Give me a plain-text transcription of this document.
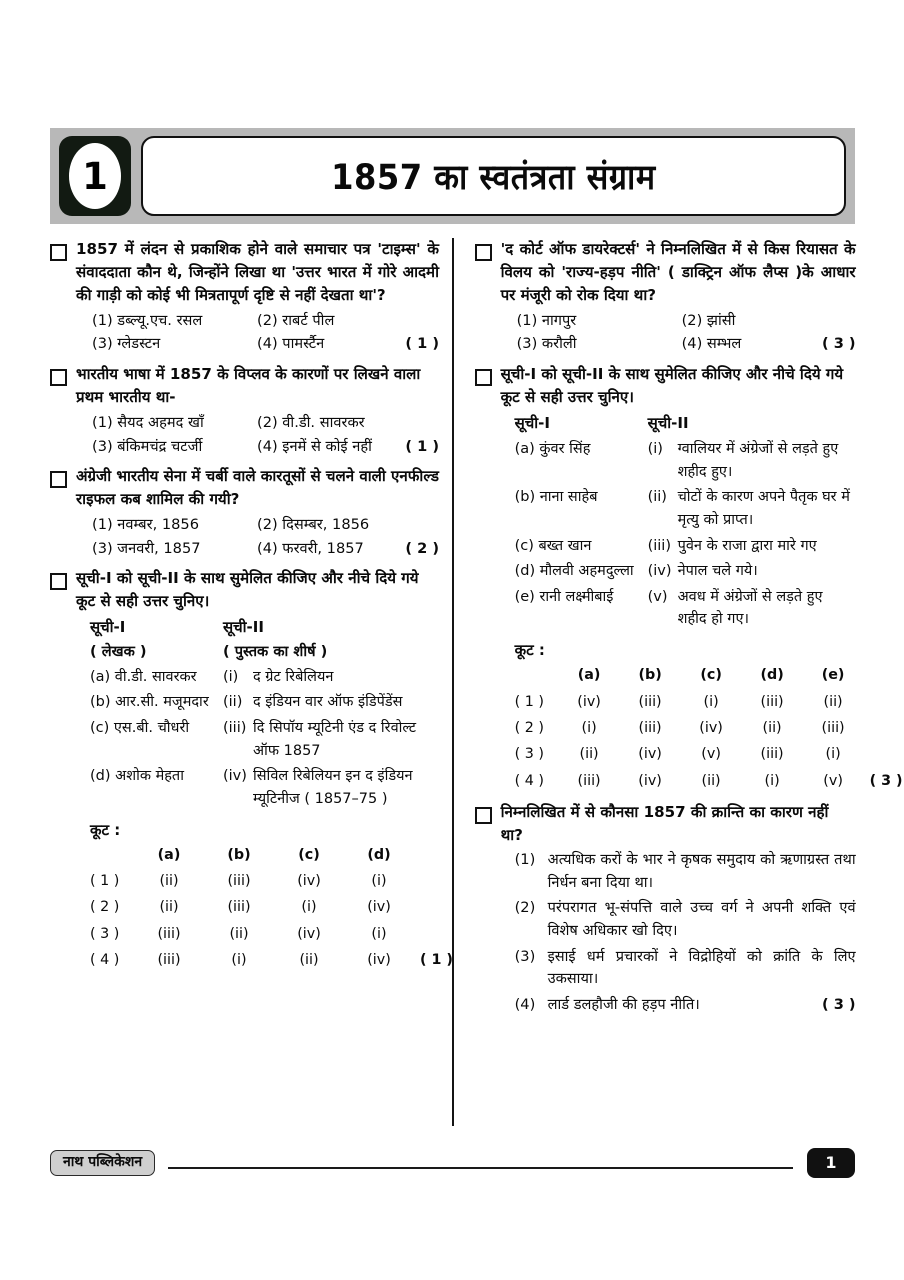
1	1857 का स्वतंत्रता संग्राम
1857 में लंदन से प्रकाशिक होने वाले समाचार पत्र 'टाइम्स' के संवाददाता कौन थे, जिन्होंने लिखा था 'उत्तर भारत में गोरे आदमी की गाड़ी को कोई भी मित्रतापूर्ण दृष्टि से नहीं देखता था'?
(1) डब्ल्यू.एच. रसल	(2) राबर्ट पील
(3) ग्लेडस्टन	(4) पामर्स्टैन	( 1 )
भारतीय भाषा में 1857 के विप्लव के कारणों पर लिखने वाला प्रथम भारतीय था-
(1) सैयद अहमद खाँ	(2) वी.डी. सावरकर
(3) बंकिमचंद्र चटर्जी	(4) इनमें से कोई नहीं	( 1 )
अंग्रेजी भारतीय सेना में चर्बी वाले कारतूसों से चलने वाली एनफील्ड राइफल कब शामिल की गयी?
(1) नवम्बर, 1856	(2) दिसम्बर, 1856
(3) जनवरी, 1857	(4) फरवरी, 1857	( 2 )
सूची-I को सूची-II के साथ सुमेलित कीजिए और नीचे दिये गये कूट से सही उत्तर चुनिए।
सूची-I	सूची-II
( लेखक )	( पुस्तक का शीर्ष )
(a) वी.डी. सावरकर	(i)	द ग्रेट रिबेलियन
(b) आर.सी. मजूमदार (ii) द इंडियन वार ऑफ इंडिपेंडेंस
(c) एस.बी. चौधरी	(iii) दि सिपॉय म्यूटिनी एंड द रिवोल्ट ऑफ 1857
(d) अशोक मेहता	(iv) सिविल रिबेलियन इन द इंडियन म्यूटिनीज ( 1857–75 )
कूट :
(a)	(b)	(c)	(d)
( 1 )	(ii)	(iii)	(iv)	(i)
( 2 )	(ii)	(iii)	(i)	(iv)
( 3 )	(iii)	(ii)	(iv)	(i)
( 4 )	(iii)	(i)	(ii)	(iv)	( 1 )
'द कोर्ट ऑफ डायरेक्टर्स' ने निम्नलिखित में से किस रियासत के विलय को 'राज्य-हड़प नीति' ( डाक्ट्रिन ऑफ लैप्स )के आधार पर मंजूरी को रोक दिया था?
(1) नागपुर	(2) झांसी
(3) करौली	(4) सम्भल	( 3 )
सूची-I को सूची-II के साथ सुमेलित कीजिए और नीचे दिये गये कूट से सही उत्तर चुनिए।
सूची-I	सूची-II
(a) कुंवर सिंह	(i)	ग्वालियर में अंग्रेजों से लड़ते हुए शहीद हुए।
(b) नाना साहेब	(ii) चोटों के कारण अपने पैतृक घर में मृत्यु को प्राप्त।
(c) बख्त खान	(iii) पुवेन के राजा द्वारा मारे गए
(d) मौलवी अहमदुल्ला (iv) नेपाल चले गये।
(e) रानी लक्ष्मीबाई	(v) अवध में अंग्रेजों से लड़ते हुए शहीद हो गए।
कूट :
(a)	(b)	(c)	(d)	(e)
( 1 )	(iv)	(iii)	(i)	(iii)	(ii)
( 2 )	(i)	(iii)	(iv)	(ii)	(iii)
( 3 )	(ii)	(iv)	(v)	(iii)	(i)
( 4 )	(iii)	(iv)	(ii)	(i)	(v)	( 3 )
निम्नलिखित में से कौनसा 1857 की क्रान्ति का कारण नहीं था?
(1) अत्यधिक करों के भार ने कृषक समुदाय को ऋणाग्रस्त तथा निर्धन बना दिया था।
(2) परंपरागत भू-संपत्ति वाले उच्च वर्ग ने अपनी शक्ति एवं विशेष अधिकार खो दिए।
(3) इसाई धर्म प्रचारकों ने विद्रोहियों को क्रांति के लिए उकसाया।
(4) लार्ड डलहौजी की हड़प नीति।	( 3 )
नाथ पब्लिकेशन	1
